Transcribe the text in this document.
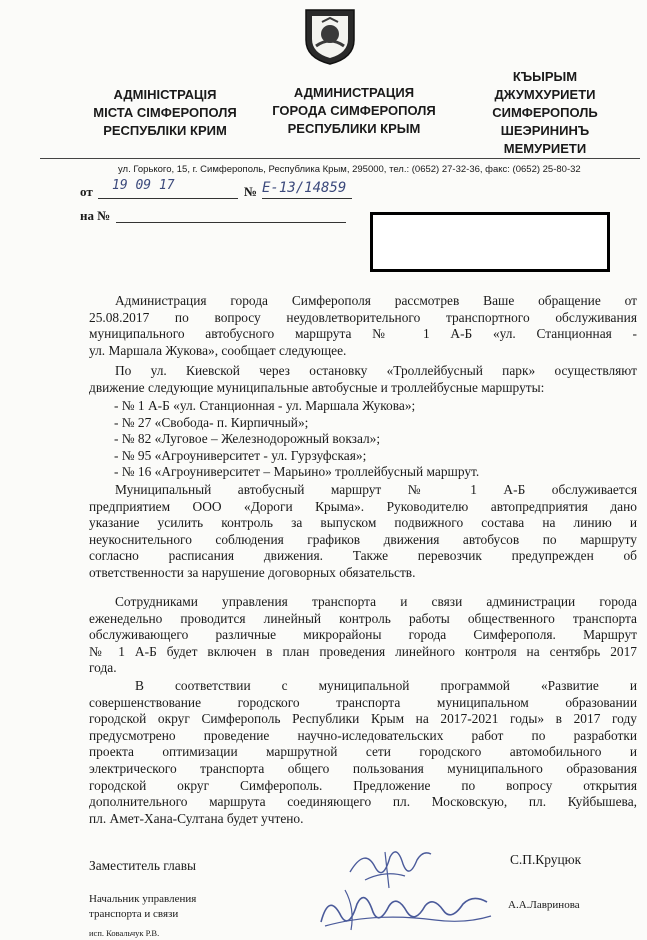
АДМІНІСТРАЦІЯ
МІСТА СІМФЕРОПОЛЯ
РЕСПУБЛІКИ КРИМ
АДМИНИСТРАЦИЯ
ГОРОДА СИМФЕРОПОЛЯ
РЕСПУБЛИКИ КРЫМ
КЪЫРЫМ
ДЖУМХУРИЕТИ
СИМФЕРОПОЛЬ
ШЕЭРИНИНЪ
МЕМУРИЕТИ
ул. Горького, 15, г. Симферополь, Республика Крым, 295000, тел.: (0652) 27-32-36, факс: (0652) 25-80-32
от 19 09 17	№ Е-13/14859
на №
Администрация города Симферополя рассмотрев Ваше обращение от
25.08.2017 по вопросу неудовлетворительного транспортного обслуживания
муниципального автобусного маршрута № 1 А-Б «ул. Станционная -
ул. Маршала Жукова», сообщает следующее.
По ул. Киевской через остановку «Троллейбусный парк» осуществляют
движение следующие муниципальные автобусные и троллейбусные маршруты:
- № 1 А-Б «ул. Станционная - ул. Маршала Жукова»;
- № 27 «Свобода- п. Кирпичный»;
- № 82 «Луговое – Железнодорожный вокзал»;
- № 95 «Агроуниверситет - ул. Гурзуфская»;
- № 16 «Агроуниверситет – Марьино» троллейбусный маршрут.
Муниципальный автобусный маршрут № 1 А-Б обслуживается
предприятием ООО «Дороги Крыма». Руководителю автопредприятия дано
указание усилить контроль за выпуском подвижного состава на линию и
неукоснительного соблюдения графиков движения автобусов по маршруту
согласно расписания движения. Также перевозчик предупрежден об
ответственности за нарушение договорных обязательств.
Сотрудниками управления транспорта и связи администрации города
еженедельно проводится линейный контроль работы общественного транспорта
обслуживающего различные микрорайоны города Симферополя. Маршрут
№ 1 А-Б будет включен в план проведения линейного контроля на сентябрь 2017
года.
В соответствии с муниципальной программой «Развитие и
совершенствование городского транспорта муниципальном образовании
городской округ Симферополь Республики Крым на 2017-2021 годы» в 2017 году
предусмотрено проведение научно-иследовательских работ по разработки
проекта оптимизации маршрутной сети городского автомобильного и
электрического транспорта общего пользования муниципального образования
городской округ Симферополь. Предложение по вопросу открытия
дополнительного маршрута соединяющего пл. Московскую, пл. Куйбышева,
пл. Амет-Хана-Султана будет учтено.
Заместитель главы	С.П.Круцюк
Начальник управления
транспорта и связи
А.А.Лавринова
исп. Ковальчук Р.В.
